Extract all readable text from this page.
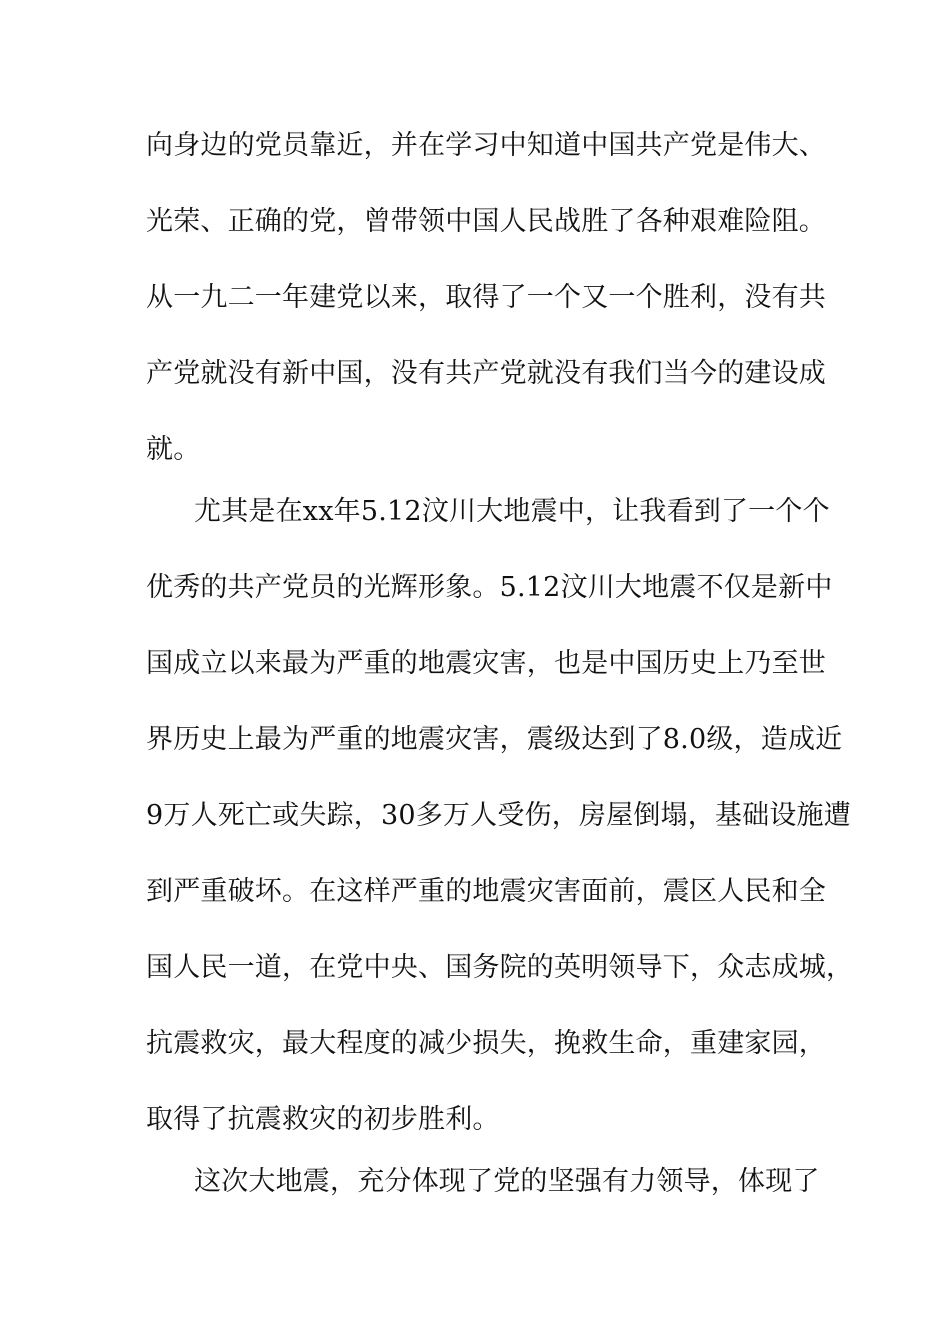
向身边的党员靠近，并在学习中知道中国共产党是伟大、
光荣、正确的党，曾带领中国人民战胜了各种艰难险阻。
从一九二一年建党以来，取得了一个又一个胜利，没有共
产党就没有新中国，没有共产党就没有我们当今的建设成
就。
尤其是在xx年5.12汶川大地震中，让我看到了一个个
优秀的共产党员的光辉形象。5.12汶川大地震不仅是新中
国成立以来最为严重的地震灾害，也是中国历史上乃至世
界历史上最为严重的地震灾害，震级达到了8.0级，造成近
9万人死亡或失踪，30多万人受伤，房屋倒塌，基础设施遭
到严重破坏。在这样严重的地震灾害面前，震区人民和全
国人民一道，在党中央、国务院的英明领导下，众志成城，
抗震救灾，最大程度的减少损失，挽救生命，重建家园，
取得了抗震救灾的初步胜利。
这次大地震，充分体现了党的坚强有力领导，体现了
